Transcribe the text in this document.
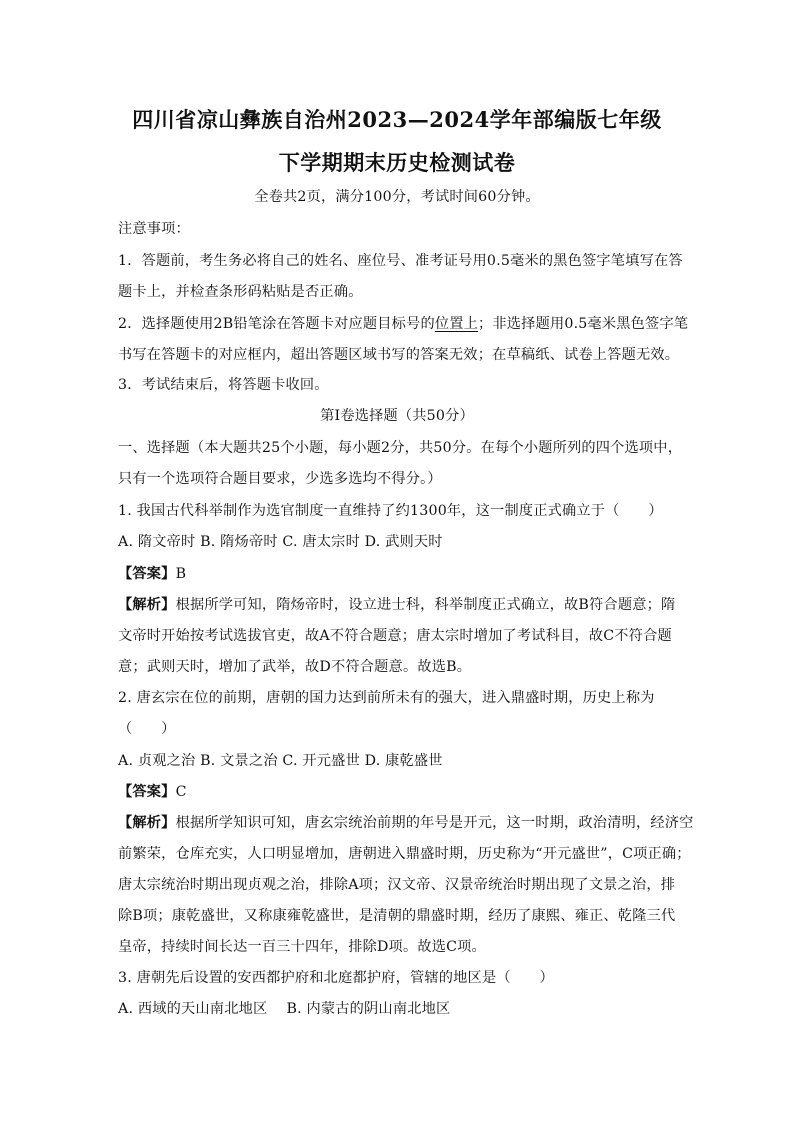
四川省凉山彝族自治州2023—2024学年部编版七年级
下学期期末历史检测试卷
全卷共2页，满分100分，考试时间60分钟。
注意事项：
1．答题前，考生务必将自己的姓名、座位号、准考证号用0.5毫米的黑色签字笔填写在答
题卡上，并检查条形码粘贴是否正确。
2．选择题使用2B铅笔涂在答题卡对应题目标号的位置上；非选择题用0.5毫米黑色签字笔
书写在答题卡的对应框内，超出答题区域书写的答案无效；在草稿纸、试卷上答题无效。
3．考试结束后，将答题卡收回。
第I卷选择题（共50分）
一、选择题（本大题共25个小题，每小题2分，共50分。在每个小题所列的四个选项中，
只有一个选项符合题目要求，少选多选均不得分。）
1. 我国古代科举制作为选官制度一直维持了约1300年，这一制度正式确立于（　　）
A. 隋文帝时 B. 隋炀帝时 C. 唐太宗时 D. 武则天时
【答案】B
【解析】根据所学可知，隋炀帝时，设立进士科，科举制度正式确立，故B符合题意；隋
文帝时开始按考试选拔官吏，故A不符合题意；唐太宗时增加了考试科目，故C不符合题
意；武则天时，增加了武举，故D不符合题意。故选B。
2. 唐玄宗在位的前期，唐朝的国力达到前所未有的强大，进入鼎盛时期，历史上称为
（　　）
A. 贞观之治 B. 文景之治 C. 开元盛世 D. 康乾盛世
【答案】C
【解析】根据所学知识可知，唐玄宗统治前期的年号是开元，这一时期，政治清明，经济空
前繁荣，仓库充实，人口明显增加，唐朝进入鼎盛时期，历史称为“开元盛世”，C项正确；
唐太宗统治时期出现贞观之治，排除A项；汉文帝、汉景帝统治时期出现了文景之治，排
除B项；康乾盛世，又称康雍乾盛世，是清朝的鼎盛时期，经历了康熙、雍正、乾隆三代
皇帝，持续时间长达一百三十四年，排除D项。故选C项。
3. 唐朝先后设置的安西都护府和北庭都护府，管辖的地区是（　　）
A. 西域的天山南北地区　 B. 内蒙古的阴山南北地区
